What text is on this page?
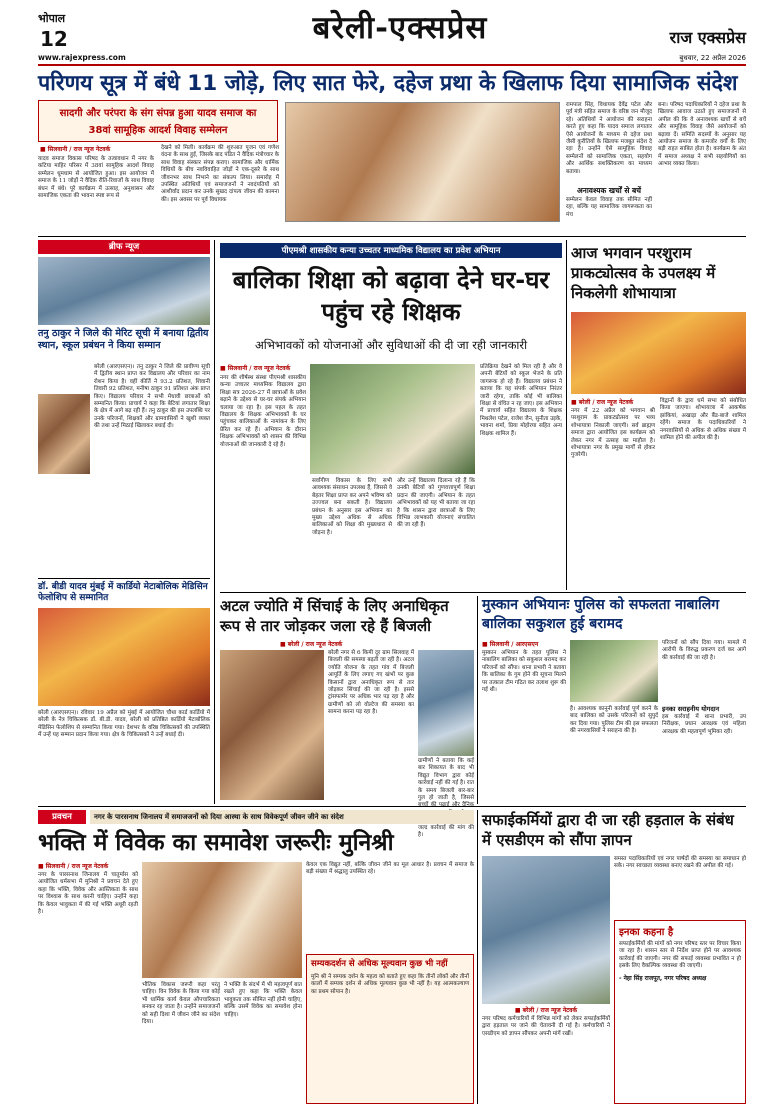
भोपाल
12	बरेली-एक्सप्रेस	राज एक्सप्रेस
www.rajexpress.com	बुधवार, 22 अप्रैल 2026
परिणय सूत्र में बंधे 11 जोड़े, लिए सात फेरे, दहेज प्रथा के खिलाफ दिया सामाजिक संदेश
सादगी और परंपरा के संग संपन्न हुआ यादव समाज का
38वां सामूहिक आदर्श विवाह सम्मेलन
■ सिलवानी / राज न्यूज नेटवर्क
यादव समाज विकास परिषद के तत्वावधान में नगर के कटिया माहिर परिसर में 38वां सामूहिक आदर्श विवाह सम्मेलन धूमधाम से आयोजित हुआ। इस आयोजन में समाज के 11 जोड़ों ने वैदिक रीति-रिवाजों के साथ विवाह बंधन में बंधे। पूरे कार्यक्रम में उत्साह, अनुशासन और सामाजिक एकता की भावना स्पष्ट रूप से
देखने को मिली। कार्यक्रम की शुरुआत पूजन एवं गणेश वंदना के साथ हुई, जिसके बाद पंडित ने वैदिक मंत्रोच्चार के साथ विवाह संस्कार संपन्न कराए। सामाजिक और धार्मिक विधियों के बीच नवविवाहित जोड़ों ने एक-दूसरे के साथ जीवनभर साथ निभाने का संकल्प लिया। समारोह में उपस्थित अतिथियों एवं समाजजनों ने नवदंपतियों को आशीर्वाद प्रदान कर उनके सुखद दांपत्य जीवन की कामना की। इस अवसर पर पूर्व विधायक
रामपाल सिंह, विधायक देवेंद्र पटेल और पूर्व मंत्री सहित समाज के वरिष्ठ जन मौजूद रहे। अतिथियों ने आयोजन की सराहना करते हुए कहा कि यादव समाज लगातार ऐसे आयोजनों के माध्यम से दहेज प्रथा जैसी कुरीतियों के खिलाफ मजबूत संदेश दे रहा है। उन्होंने ऐसे सामूहिक विवाह सम्मेलनों को सामाजिक एकता, सहयोग और आर्थिक सशक्तिकरण का माध्यम बताया।
अनावश्यक खर्चों से बचें
सम्मेलन केवल विवाह तक सीमित नहीं रहा, बल्कि यह सामाजिक जागरूकता का मंच
बना। परिषद पदाधिकारियों ने दहेज प्रथा के खिलाफ आवाज उठाते हुए समाजजनों से अपील की कि वे अनावश्यक खर्चों से बचें और सामूहिक विवाह जैसे आयोजनों को बढ़ावा दें। समिति सदस्यों के अनुसार यह आयोजन समाज के कमजोर वर्गों के लिए बड़ी राहत साबित होता है। कार्यक्रम के अंत में समाज अध्यक्ष ने सभी सहयोगियों का आभार व्यक्त किया।
ब्रीफ न्यूज
तनु ठाकुर ने जिले की मेरिट सूची में बनाया द्वितीय स्थान, स्कूल प्रबंधन ने किया सम्मान
बरेली (आरएसएन)। तनु ठाकुर ने जिले की प्रावीण्य सूची में द्वितीय स्थान प्राप्त कर विद्यालय और परिवार का नाम रोशन किया है। वहीं कीर्ति ने 93.2 प्रतिशत, शिवानी तिवारी 92 प्रतिशत, मनीषा ठाकुर 91 प्रतिशत अंक प्राप्त किए। विद्यालय परिवार ने सभी मेधावी छात्राओं को सम्मानित किया। प्राचार्य ने कहा कि बेटियां लगातार शिक्षा के क्षेत्र में आगे बढ़ रही हैं। तनु ठाकुर की इस उपलब्धि पर उनके परिजनों, शिक्षकों और ग्रामवासियों ने खुशी व्यक्त की तथा उन्हें मिठाई खिलाकर बधाई दी।
डॉ. बीडी यादव मुंबई में कार्डियो मेटाबोलिक मेडिसिन फेलोशिप से सम्मानित
बरेली (आरएसएन)। रविवार 19 अप्रैल को मुंबई में आयोजित चौथा कार्ड कार्डियो में बरेली के नेत्र चिकित्सक डॉ. बी.डी. यादव, बरेली को प्रतिष्ठित कार्डियो मेटाबोलिक मेडिसिन फेलोशिप से सम्मानित किया गया। देशभर के वरिष्ठ चिकित्सकों की उपस्थिति में उन्हें यह सम्मान प्रदान किया गया। क्षेत्र के चिकित्सकों ने उन्हें बधाई दी।
पीएमश्री शासकीय कन्या उच्चतर माध्यमिक विद्यालय का प्रवेश अभियान
बालिका शिक्षा को बढ़ावा देने घर-घर पहुंच रहे शिक्षक
अभिभावकों को योजनाओं और सुविधाओं की दी जा रही जानकारी
■ सिलवानी / राज न्यूज नेटवर्क
नगर की शीर्षस्थ संस्था पीएमश्री शासकीय कन्या उच्चतर माध्यमिक विद्यालय द्वारा शिक्षा सत्र 2026-27 में छात्राओं के प्रवेश बढ़ाने के उद्देश्य से घर-घर संपर्क अभियान चलाया जा रहा है। इस पहल के तहत विद्यालय के शिक्षक अभिभावकों के घर पहुंचकर बालिकाओं के नामांकन के लिए प्रेरित कर रहे हैं। अभियान के दौरान शिक्षक अभिभावकों को शासन की विभिन्न योजनाओं की जानकारी दे रहे हैं।
सर्वांगीण विकास के लिए सभी आवश्यक संसाधन उपलब्ध हैं, जिससे वे बेहतर शिक्षा प्राप्त कर अपने भविष्य को उज्ज्वल बना सकती हैं। विद्यालय प्रबंधन के अनुसार इस अभियान का मुख्य उद्देश्य अधिक से अधिक बालिकाओं को शिक्षा की मुख्यधारा से जोड़ना है।
और उन्हें विद्यालय दिलाना रहे हैं कि उनकी बेटियों को गुणवत्तापूर्ण शिक्षा प्रदान की जाएगी। अभियान के तहत अभिभावकों को यह भी बताया जा रहा है कि शासन द्वारा छात्राओं के लिए विभिन्न लाभकारी योजनाएं संचालित की जा रही हैं।
प्रतिक्रिया देखने को मिल रही है और वे अपनी बेटियों को स्कूल भेजने के प्रति जागरूक हो रहे हैं। विद्यालय प्रबंधन ने बताया कि यह संपर्क अभियान निरंतर जारी रहेगा, ताकि कोई भी बालिका शिक्षा से वंचित न रह जाए। इस अभियान में प्राचार्य सहित विद्यालय के शिक्षक मिथलेश पटेल, राजेश जैन, सुनीता उइके, भावना शर्मा, प्रिया मोहोरया सहित अन्य शिक्षक शामिल हैं।
आज भगवान परशुराम प्राकट्योत्सव के उपलक्ष्य में निकलेगी शोभायात्रा
■ बरेली / राज न्यूज नेटवर्क
नगर में 22 अप्रैल को भगवान श्री परशुराम के प्राकट्योत्सव पर भव्य शोभायात्रा निकाली जाएगी। सर्व ब्राह्मण समाज द्वारा आयोजित इस कार्यक्रम को लेकर नगर में उत्साह का माहौल है। शोभायात्रा नगर के प्रमुख मार्गों से होकर गुजरेगी।
विद्वानों के द्वारा धर्म सभा को संबोधित किया जाएगा। शोभायात्रा में आकर्षक झांकियां, अखाड़ा और बैंड-बाजे शामिल रहेंगे। समाज के पदाधिकारियों ने नगरवासियों से अधिक से अधिक संख्या में शामिल होने की अपील की है।
अटल ज्योति में सिंचाई के लिए अनाधिकृत रूप से तार जोड़कर जला रहे हैं बिजली
■ बरेली / राज न्यूज नेटवर्क
बरेली नगर से 6 किमी दूर ग्राम सिलवाह में बिजली की समस्या बढ़ती जा रही है। अटल ज्योति योजना के तहत गांव में बिजली आपूर्ति के लिए लगाए गए खंभों पर कुछ किसानों द्वारा अनाधिकृत रूप से तार जोड़कर सिंचाई की जा रही है। इससे ट्रांसफार्मर पर अधिक भार पड़ रहा है और ग्रामीणों को लो वोल्टेज की समस्या का सामना करना पड़ रहा है।
ग्रामीणों ने बताया कि कई बार शिकायत के बाद भी विद्युत विभाग द्वारा कोई कार्रवाई नहीं की गई है। रात के समय बिजली बार-बार गुल हो जाती है, जिससे जल्द कार्रवाई की मांग की है।
मुस्कान अभियानः पुलिस को सफलता नाबालिग बालिका सकुशल हुई बरामद
■ सिलवानी / आरएसएन
मुस्कान अभियान के तहत पुलिस ने नाबालिग बालिका को सकुशल बरामद कर परिजनों को सौंपा। थाना प्रभारी ने बताया कि बालिका के गुम होने की सूचना मिलने पर तत्काल टीम गठित कर तलाश शुरू की गई थी।
है। आवश्यक कानूनी कार्रवाई पूर्ण करने के बाद बालिका को उसके परिजनों को सुपुर्द कर दिया गया। पुलिस टीम की इस सफलता की नगरवासियों ने सराहना की है।
परिजनों को सौंप दिया गया। मामले में आरोपी के विरुद्ध प्रकरण दर्ज कर आगे की कार्रवाई की जा रही है।
इनका सराहनीय योगदान
इस कार्रवाई में थाना प्रभारी, उप निरीक्षक, प्रधान आरक्षक एवं महिला आरक्षक की महत्वपूर्ण भूमिका रही।
प्रवचन	नगर के पारसनाथ जिनालय में समाजजनों को दिया आस्था के साथ विवेकपूर्ण जीवन जीने का संदेश
भक्ति में विवेक का समावेश जरूरीः मुनिश्री
■ सिलवानी / राज न्यूज नेटवर्क
नगर के पारसनाथ जिनालय में चातुर्मास को आयोजित धर्मसभा में मुनिश्री ने प्रवचन देते हुए कहा कि भक्ति, विवेक और आस्तिकता के साथ पर विश्वास के साथ करनी चाहिए। उन्होंने कहा कि केवल भावुकता में की गई भक्ति अधूरी रहती है।
भौतिक विकास जरूरी कहा परंतु चाहिए। विन विवेक के किया गया कोई भी धार्मिक कार्य केवल औपचारिकता बनकर रह जाता है। उन्होंने समाजजनों को सही दिशा में जीवन जीने का संदेश दिया।
ने भक्ति के संदर्भ में भी महत्वपूर्ण बात रखते हुए कहा कि भक्ति केवल भावुकता तक सीमित नहीं होनी चाहिए, बल्कि उसमें विवेक का समावेश होना चाहिए।
केवल एक विद्युत नहीं, बल्कि जीवन जीने का मूल आधार है। प्रवचन में समाज के बड़ी संख्या में श्रद्धालु उपस्थित रहे।
सम्यकदर्शन से अधिक मूल्यवान कुछ भी नहीं
मुनि श्री ने सम्यक दर्शन के महत्व को बताते हुए कहा कि तीनों लोकों और तीनों कालों में सम्यक दर्शन से अधिक मूल्यवान कुछ भी नहीं है। यह आत्मकल्याण का प्रथम सोपान है।
सफाईकर्मियों द्वारा दी जा रही हड़ताल के संबंध में एसडीएम को सौंपा ज्ञापन
■ बरेली / राज न्यूज नेटवर्क
नगर परिषद कर्मचारियों में विभिन्न मांगों को लेकर सफाईकर्मियों द्वारा हड़ताल पर जाने की चेतावनी दी गई है। कर्मचारियों ने एसडीएम को ज्ञापन सौंपकर अपनी मांगें रखीं।
समस्त पदाधिकारियों एवं नगर पार्षदों की समस्या का समाधान हो सके। नगर स्वच्छता व्यवस्था बनाए रखने की अपील की गई।
इनका कहना है
सफाईकर्मियों की मांगों को नगर परिषद स्तर पर विचार किया जा रहा है। शासन स्तर से निर्देश प्राप्त होने पर आवश्यक कार्रवाई की जाएगी। नगर की सफाई व्यवस्था प्रभावित न हो इसके लिए वैकल्पिक व्यवस्था की जाएगी।
- नेहा सिंह राजपूत, नगर परिषद अध्यक्ष
